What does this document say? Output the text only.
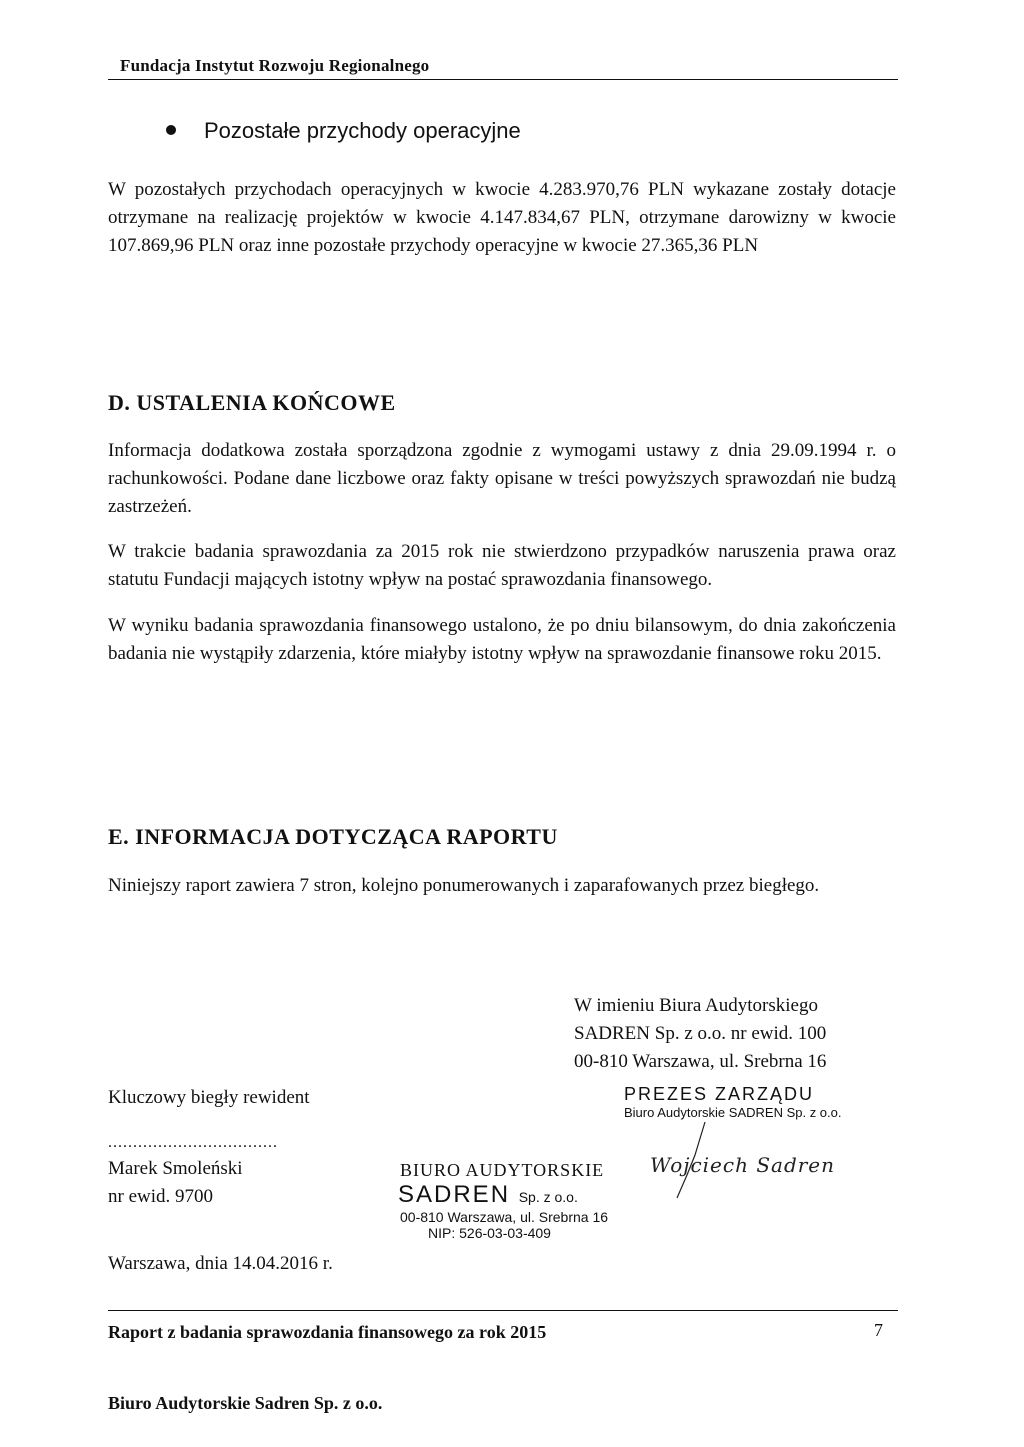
Fundacja Instytut Rozwoju Regionalnego
Pozostałe przychody operacyjne
W pozostałych przychodach operacyjnych w kwocie 4.283.970,76 PLN wykazane zostały dotacje otrzymane na realizację projektów w kwocie 4.147.834,67 PLN, otrzymane darowizny w kwocie 107.869,96 PLN oraz inne pozostałe przychody operacyjne w kwocie 27.365,36 PLN
D. USTALENIA KOŃCOWE
Informacja dodatkowa została sporządzona zgodnie z wymogami ustawy z dnia 29.09.1994 r. o rachunkowości. Podane dane liczbowe oraz fakty opisane w treści powyższych sprawozdań nie budzą zastrzeżeń.
W trakcie badania sprawozdania za 2015 rok nie stwierdzono przypadków naruszenia prawa oraz statutu Fundacji mających istotny wpływ na postać sprawozdania finansowego.
W wyniku badania sprawozdania finansowego ustalono, że po dniu bilansowym, do dnia zakończenia badania nie wystąpiły zdarzenia, które miałyby istotny wpływ na sprawozdanie finansowe roku 2015.
E. INFORMACJA DOTYCZĄCA RAPORTU
Niniejszy raport zawiera 7 stron, kolejno ponumerowanych i zaparafowanych przez biegłego.
W imieniu Biura Audytorskiego
SADREN Sp. z o.o. nr ewid. 100
00-810 Warszawa, ul. Srebrna 16
Kluczowy biegły rewident
..................................
Marek Smoleński
nr ewid. 9700
Warszawa, dnia 14.04.2016 r.
PREZES ZARZĄDU
Biuro Audytorskie SADREN Sp. z o.o.
Wojciech Sadren
BIURO AUDYTORSKIE
SADREN Sp. z o.o.
00-810 Warszawa, ul. Srebrna 16
NIP: 526-03-03-409
Raport z badania sprawozdania finansowego za rok 2015	7
Biuro Audytorskie Sadren Sp. z o.o.
